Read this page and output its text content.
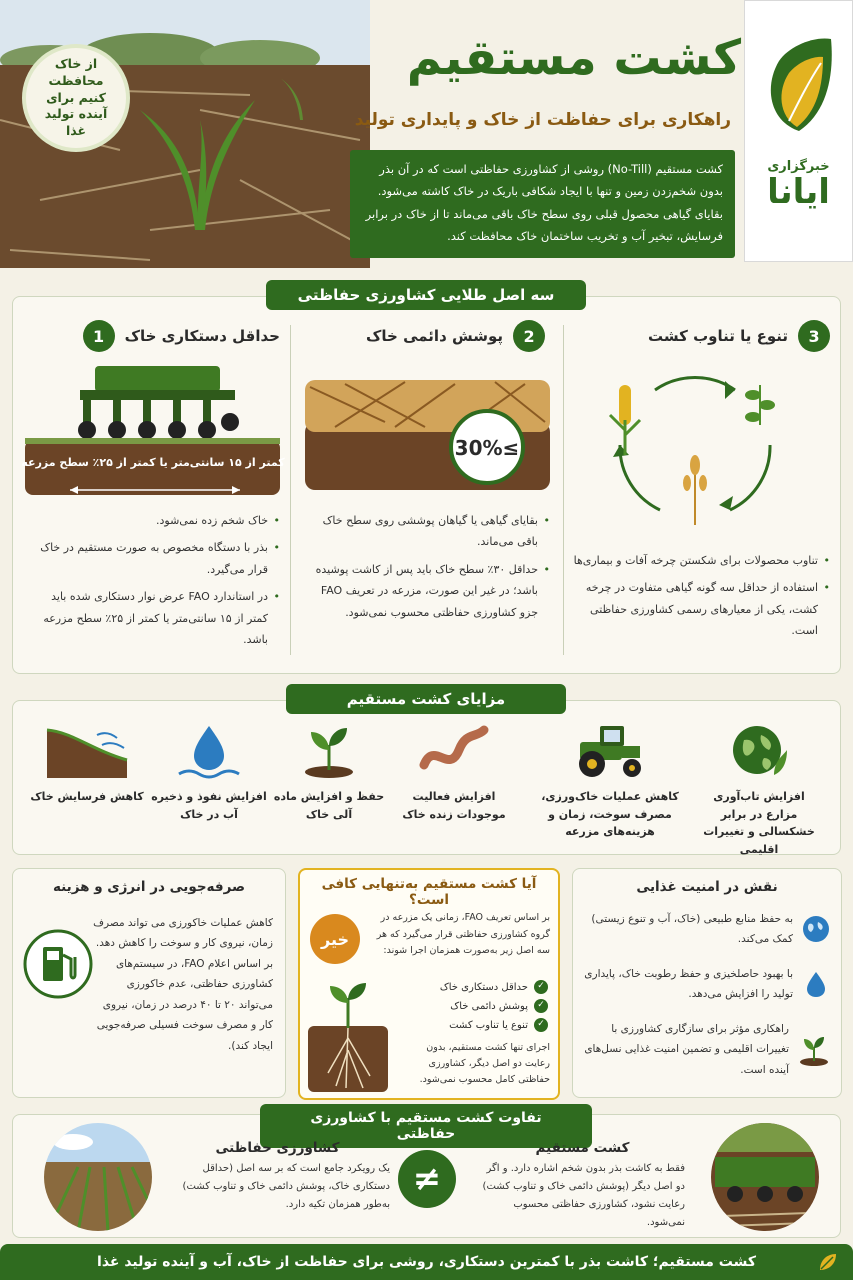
از خاک محافظت کنیم برای آینده تولید غذا
خبرگزاری
ایانا
کشت مستقیم
راهکاری برای حفاظت از خاک و پایداری تولید
کشت مستقیم (No-Till) روشی از کشاورزی حفاظتی است که در آن بذر بدون شخم‌زدن زمین و تنها با ایجاد شکافی باریک در خاک کاشته می‌شود. بقایای گیاهی محصول قبلی روی سطح خاک باقی می‌ماند تا از خاک در برابر فرسایش، تبخیر آب و تخریب ساختمان خاک محافظت کند.
سه اصل طلایی کشاورزی حفاظتی
3
تنوع یا تناوب کشت
• تناوب محصولات برای شکستن چرخه آفات و بیماری‌ها
• استفاده از حداقل سه گونه گیاهی متفاوت در چرخه کشت، یکی از معیارهای رسمی کشاورزی حفاظتی است.
2
پوشش دائمی خاک
≥30%
• بقایای گیاهی یا گیاهان پوششی روی سطح خاک باقی می‌ماند.
• حداقل ۳۰٪ سطح خاک باید پس از کاشت پوشیده باشد؛ در غیر این صورت، مزرعه در تعریف FAO جزو کشاورزی حفاظتی محسوب نمی‌شود.
حداقل دستکاری خاک
1
کمتر از ۱۵ سانتی‌متر یا کمتر از ۲۵٪ سطح مزرعه
• خاک شخم زده نمی‌شود.
• بذر با دستگاه مخصوص به صورت مستقیم در خاک قرار می‌گیرد.
• در استاندارد FAO عرض نوار دستکاری شده باید کمتر از ۱۵ سانتی‌متر یا کمتر از ۲۵٪ سطح مزرعه باشد.
مزایای کشت مستقیم
افزایش تاب‌آوری مزارع در برابر خشکسالی و تغییرات اقلیمی
کاهش عملیات خاک‌ورزی، مصرف سوخت، زمان و هزینه‌های مزرعه
افزایش فعالیت موجودات زنده خاک
حفظ و افزایش ماده آلی خاک
افزایش نفوذ و ذخیره آب در خاک
کاهش فرسایش خاک
نقش در امنیت غذایی
به حفظ منابع طبیعی (خاک، آب و تنوع زیستی) کمک می‌کند.
با بهبود حاصلخیزی و حفظ رطوبت خاک، پایداری تولید را افزایش می‌دهد.
راهکاری مؤثر برای سازگاری کشاورزی با تغییرات اقلیمی و تضمین امنیت غذایی نسل‌های آینده است.
آیا کشت مستقیم به‌تنهایی کافی است؟
خیر
بر اساس تعریف FAO، زمانی یک مزرعه در گروه کشاورزی حفاظتی قرار می‌گیرد که هر سه اصل زیر به‌صورت همزمان اجرا شوند:
✓حداقل دستکاری خاک
✓پوشش دائمی خاک
✓تنوع یا تناوب کشت
اجرای تنها کشت مستقیم، بدون رعایت دو اصل دیگر، کشاورزی حفاظتی کامل محسوب نمی‌شود.
صرفه‌جویی در انرژی و هزینه
کاهش عملیات خاکورزی می‌ تواند مصرف زمان، نیروی کار و سوخت را کاهش دهد. بر اساس اعلام FAO، در سیستم‌های کشاورزی حفاظتی، عدم خاکورزی می‌تواند ۲۰ تا ۴۰ درصد در زمان، نیروی کار و مصرف سوخت فسیلی صرفه‌جویی ایجاد کند).
تفاوت کشت مستقیم با کشاورزی حفاظتی
کشت مستقیم
فقط به کاشت بذر بدون شخم اشاره دارد. و اگر دو اصل دیگر (پوشش دائمی خاک و تناوب کشت) رعایت نشود، کشاورزی حفاظتی محسوب نمی‌شود.
≠
کشاورزی حفاظتی
یک رویکرد جامع است که بر سه اصل (حداقل دستکاری خاک، پوشش دائمی خاک و تناوب کشت) به‌طور همزمان تکیه دارد.
کشت مستقیم؛ کاشت بذر با کمترین دستکاری، روشی برای حفاظت از خاک، آب و آینده تولید غذا
